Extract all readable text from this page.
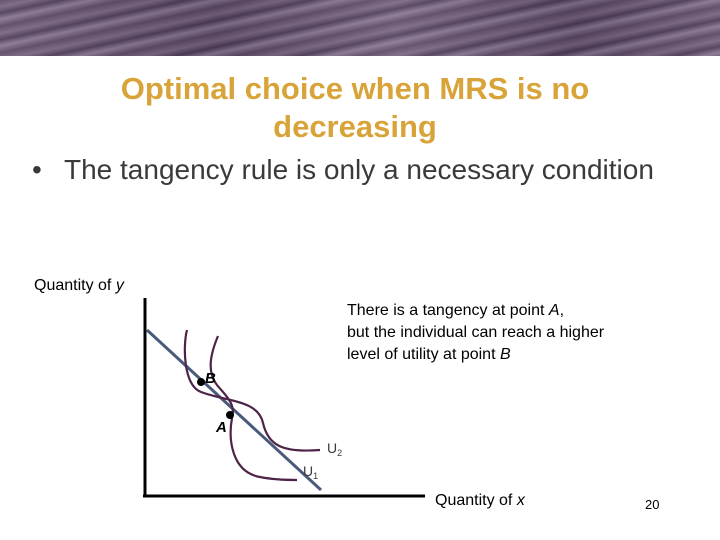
Optimal choice when MRS is no
decreasing
• The tangency rule is only a necessary condition
B
A
$U_2$
$U_1$
Quantity of y
There is a tangency at point A,
but the individual can reach a higher
level of utility at point B
Quantity of x	20
